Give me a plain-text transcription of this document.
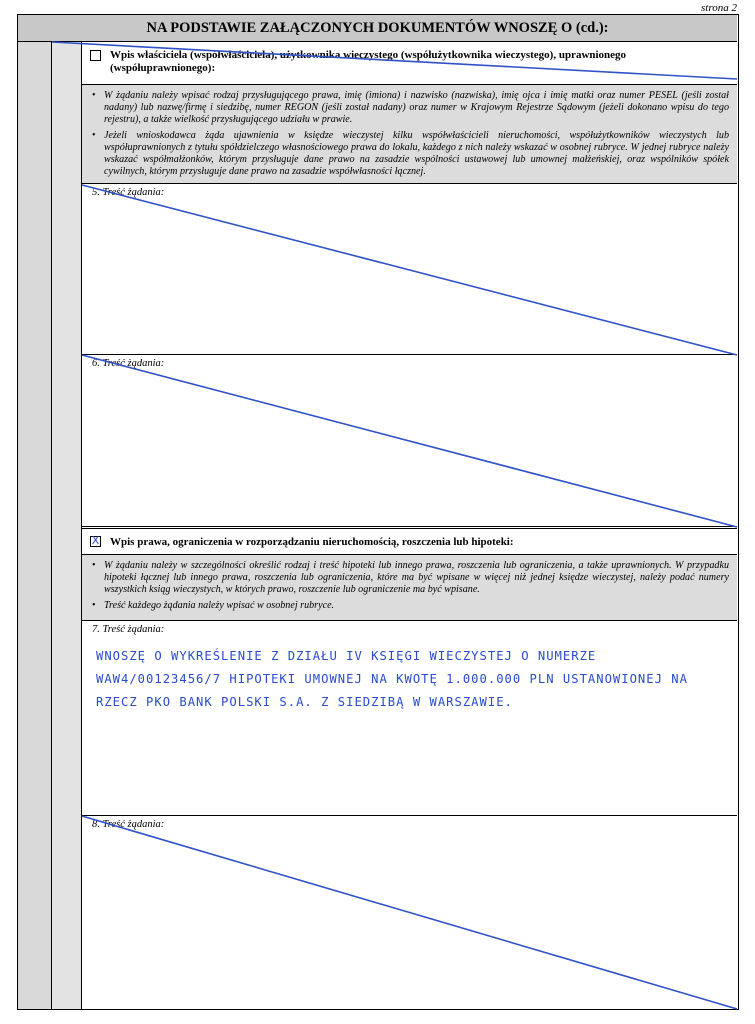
strona 2
NA PODSTAWIE ZAŁĄCZONYCH DOKUMENTÓW WNOSZĘ O (cd.):
Wpis właściciela (współwłaściciela), użytkownika wieczystego (współużytkownika wieczystego), uprawnionego (współuprawnionego):
• W żądaniu należy wpisać rodzaj przysługującego prawa, imię (imiona) i nazwisko (nazwiska), imię ojca i imię matki oraz numer PESEL (jeśli został nadany) lub nazwę/firmę i siedzibę, numer REGON (jeśli został nadany) oraz numer w Krajowym Rejestrze Sądowym (jeżeli dokonano wpisu do tego rejestru), a także wielkość przysługującego udziału w prawie.
• Jeżeli wnioskodawca żąda ujawnienia w księdze wieczystej kilku współwłaścicieli nieruchomości, współużytkowników wieczystych lub współuprawnionych z tytułu spółdzielczego własnościowego prawa do lokalu, każdego z nich należy wskazać w osobnej rubryce. W jednej rubryce należy wskazać współmałżonków, którym przysługuje dane prawo na zasadzie wspólności ustawowej lub umownej małżeńskiej, oraz wspólników spółek cywilnych, którym przysługuje dane prawo na zasadzie współwłasności łącznej.
5. Treść żądania:
6. Treść żądania:
X Wpis prawa, ograniczenia w rozporządzaniu nieruchomością, roszczenia lub hipoteki:
• W żądaniu należy w szczególności określić rodzaj i treść hipoteki lub innego prawa, roszczenia lub ograniczenia, a także uprawnionych. W przypadku hipoteki łącznej lub innego prawa, roszczenia lub ograniczenia, które ma być wpisane w więcej niż jednej księdze wieczystej, należy podać numery wszystkich ksiąg wieczystych, w których prawo, roszczenie lub ograniczenie ma być wpisane.
• Treść każdego żądania należy wpisać w osobnej rubryce.
7. Treść żądania:
WNOSZĘ O WYKREŚLENIE Z DZIAŁU IV KSIĘGI WIECZYSTEJ O NUMERZE WAW4/00123456/7 HIPOTEKI UMOWNEJ NA KWOTĘ 1.000.000 PLN USTANOWIONEJ NA RZECZ PKO BANK POLSKI S.A. Z SIEDZIBĄ W WARSZAWIE.
8. Treść żądania:
